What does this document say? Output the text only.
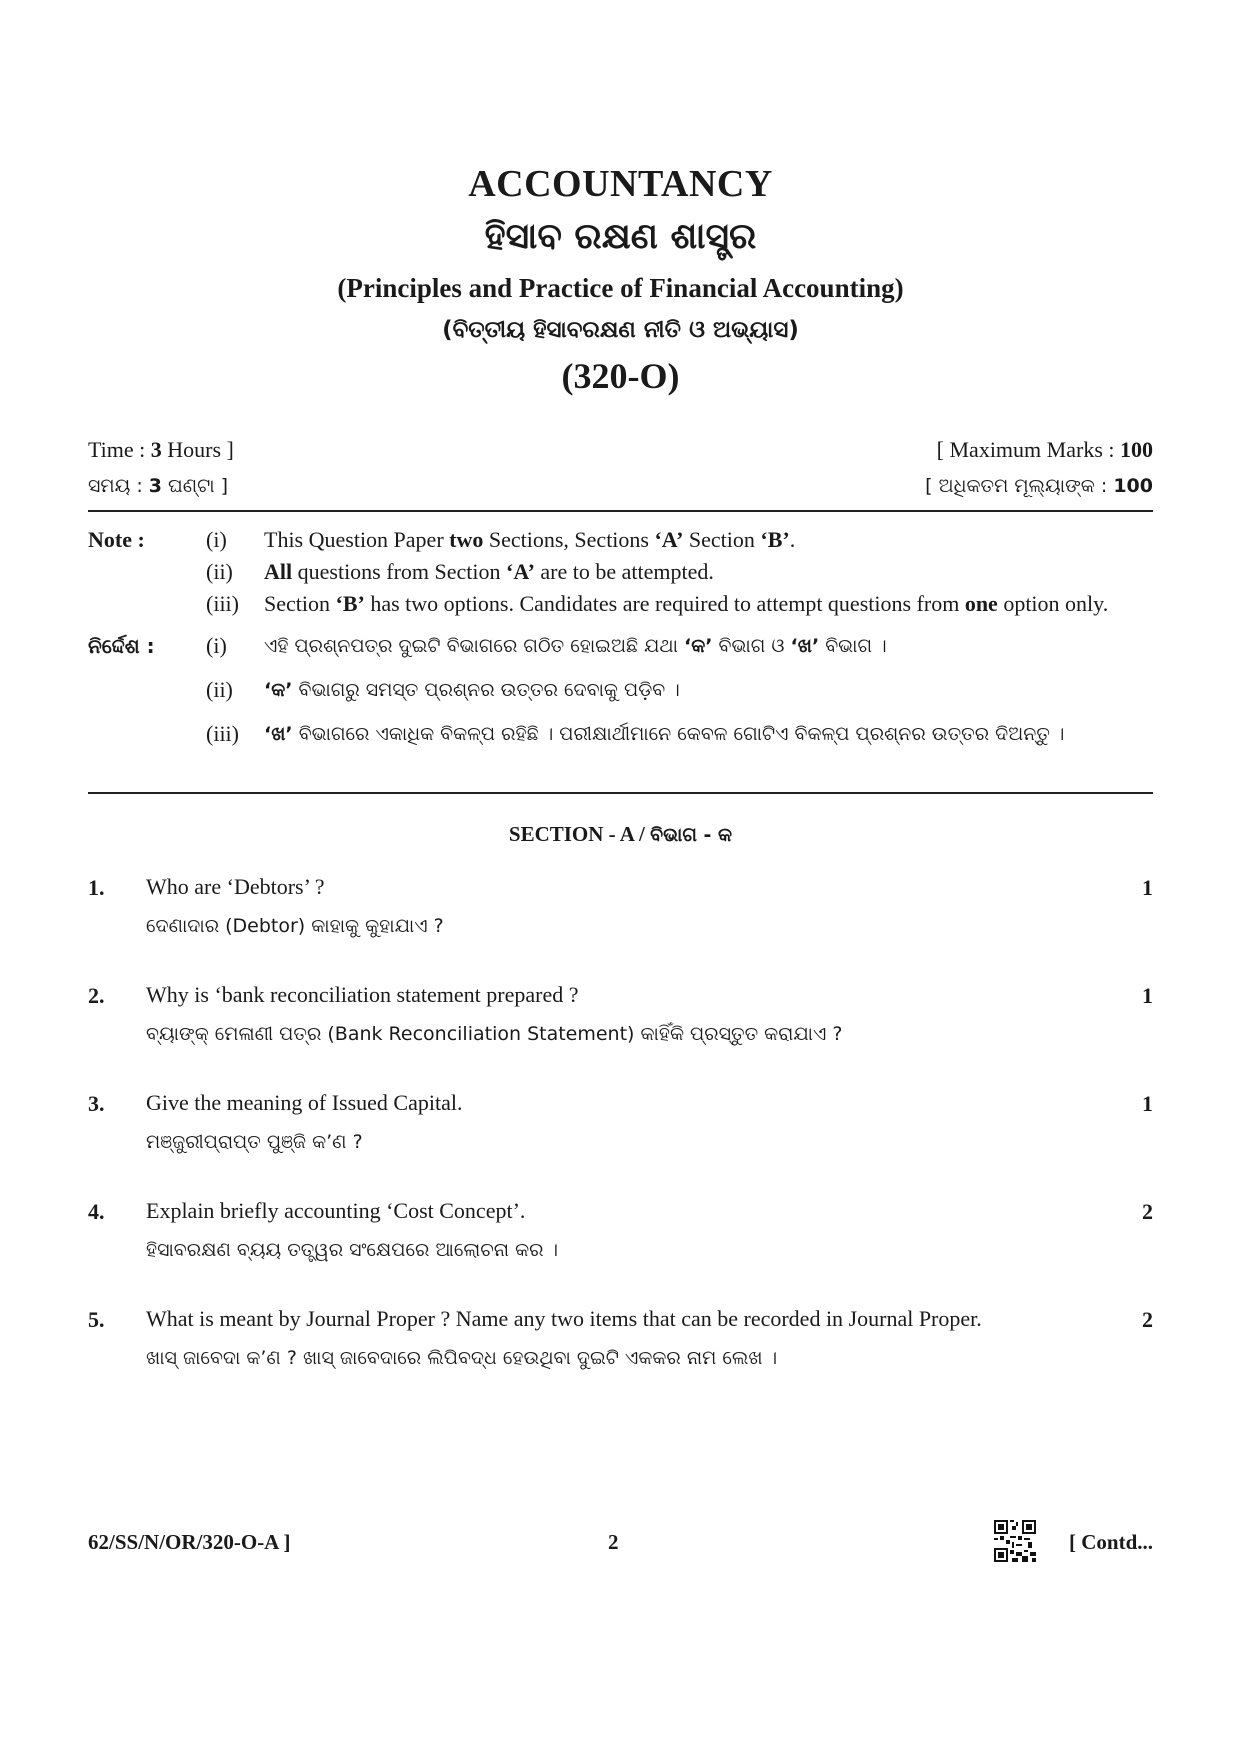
ACCOUNTANCY
ହିସାବ ରକ୍ଷଣ ଶାସ୍ତ୍ର
(Principles and Practice of Financial Accounting)
(ବିତ୍ତୀୟ ହିସାବରକ୍ଷଣ ନୀତି ଓ ଅଭ୍ୟାସ)
(320-O)
Time : 3 Hours ]	[ Maximum Marks : 100
ସମୟ : 3 ଘଣ୍ଟା ]	[ ଅଧିକତମ ମୂଲ୍ୟାଙ୍କ : 100
Note :	(i)	This Question Paper two Sections, Sections ‘A’ Section ‘B’.
(ii)	All questions from Section ‘A’ are to be attempted.
(iii)	Section ‘B’ has two options. Candidates are required to attempt questions from one option only.
ନିର୍ଦ୍ଦେଶ :	(i)	ଏହି ପ୍ରଶ୍ନପତ୍ର ଦୁଇଟି ବିଭାଗରେ ଗଠିତ ହୋଇଅଛି ଯଥା ‘କ’ ବିଭାଗ ଓ ‘ଖ’ ବିଭାଗ ।
(ii)	‘କ’ ବିଭାଗରୁ ସମସ୍ତ ପ୍ରଶ୍ନର ଉତ୍ତର ଦେବାକୁ ପଡ଼ିବ ।
(iii)	‘ଖ’ ବିଭାଗରେ ଏକାଧିକ ବିକଳ୍ପ ରହିଛି । ପରୀକ୍ଷାର୍ଥୀମାନେ କେବଳ ଗୋଟିଏ ବିକଳ୍ପ ପ୍ରଶ୍ନର ଉତ୍ତର ଦିଅନ୍ତୁ ।
SECTION - A / ବିଭାଗ - କ
1.	Who are ‘Debtors’ ?
ଦେଣାଦାର (Debtor) କାହାକୁ କୁହାଯାଏ ?
1
2.	Why is ‘bank reconciliation statement prepared ?
ବ୍ୟାଙ୍କ୍ ମେଳାଣୀ ପତ୍ର (Bank Reconciliation Statement) କାହିଁକି ପ୍ରସ୍ତୁତ କରାଯାଏ ?
1
3.	Give the meaning of Issued Capital.
ମଞ୍ଜୁରୀପ୍ରାପ୍ତ ପୁଞ୍ଜି କ’ଣ ?
1
4.	Explain briefly accounting ‘Cost Concept’.
ହିସାବରକ୍ଷଣ ବ୍ୟୟ ତତ୍ତ୍ୱର ସଂକ୍ଷେପରେ ଆଲୋଚନା କର ।
2
5.	What is meant by Journal Proper ? Name any two items that can be recorded in Journal Proper.
ଖାସ୍ ଜାବେଦା କ’ଣ ? ଖାସ୍ ଜାବେଦାରେ ଲିପିବଦ୍ଧ ହେଉଥିବା ଦୁଇଟି ଏକକର ନାମ ଲେଖ ।
2
62/SS/N/OR/320-O-A ]	2	[ Contd...
